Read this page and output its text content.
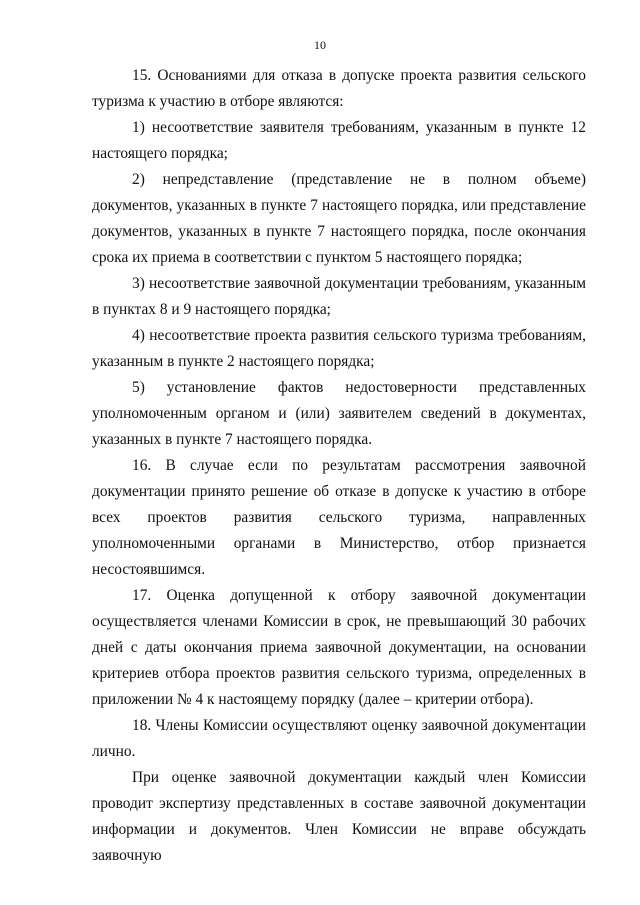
10

15. Основаниями для отказа в допуске проекта развития сельского туризма к участию в отборе являются:

1) несоответствие заявителя требованиям, указанным в пункте 12 настоящего порядка;

2) непредставление (представление не в полном объеме) документов, указанных в пункте 7 настоящего порядка, или представление документов, указанных в пункте 7 настоящего порядка, после окончания срока их приема в соответствии с пунктом 5 настоящего порядка;

3) несоответствие заявочной документации требованиям, указанным в пунктах 8 и 9 настоящего порядка;

4) несоответствие проекта развития сельского туризма требованиям, указанным в пункте 2 настоящего порядка;

5) установление фактов недостоверности представленных уполномоченным органом и (или) заявителем сведений в документах, указанных в пункте 7 настоящего порядка.

16. В случае если по результатам рассмотрения заявочной документации принято решение об отказе в допуске к участию в отборе всех проектов развития сельского туризма, направленных уполномоченными органами в Министерство, отбор признается несостоявшимся.

17. Оценка допущенной к отбору заявочной документации осуществляется членами Комиссии в срок, не превышающий 30 рабочих дней с даты окончания приема заявочной документации, на основании критериев отбора проектов развития сельского туризма, определенных в приложении № 4 к настоящему порядку (далее – критерии отбора).

18. Члены Комиссии осуществляют оценку заявочной документации лично.

При оценке заявочной документации каждый член Комиссии проводит экспертизу представленных в составе заявочной документации информации и документов. Член Комиссии не вправе обсуждать заявочную
